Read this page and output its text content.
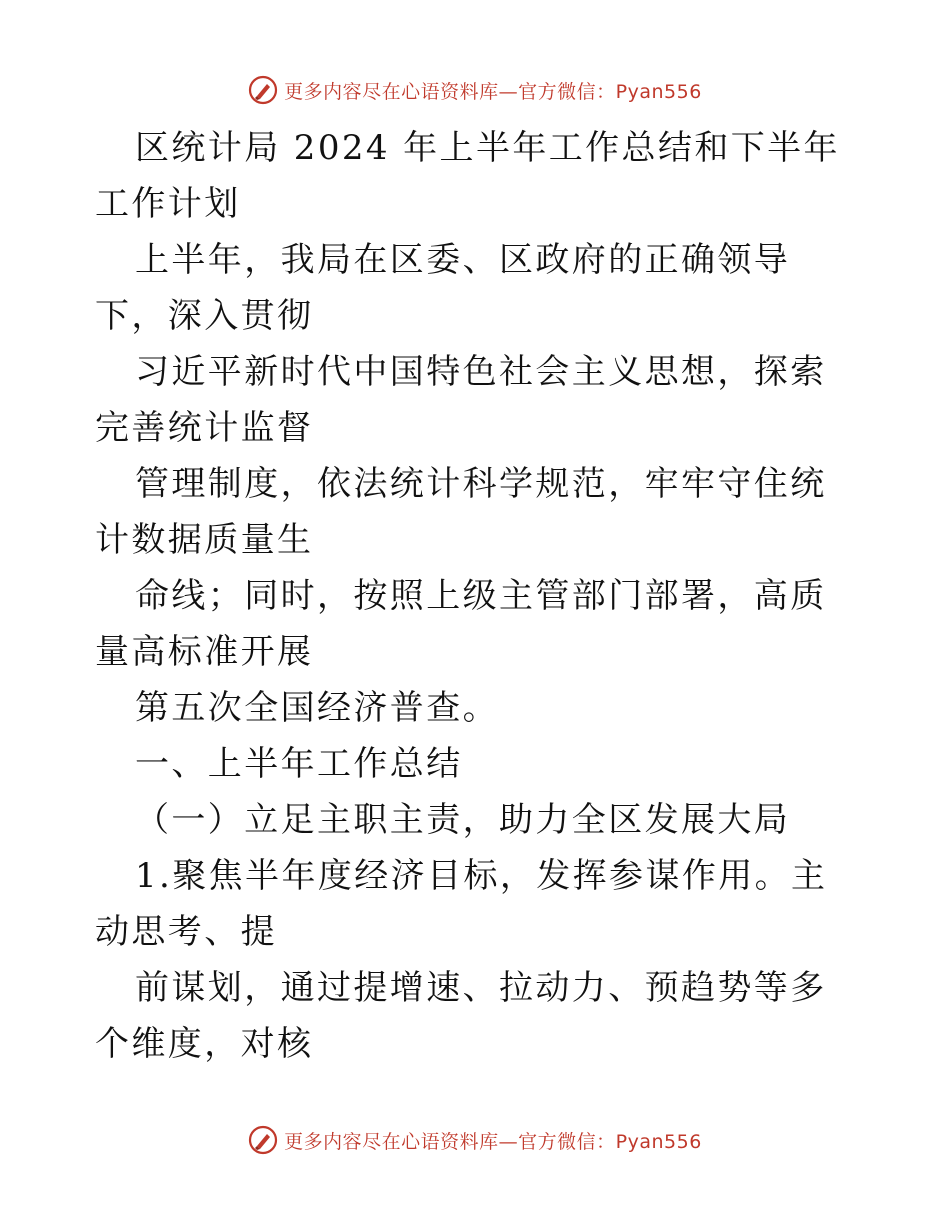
更多内容尽在心语资料库—官方微信：Pyan556

区统计局 2024 年上半年工作总结和下半年工作计划

上半年，我局在区委、区政府的正确领导下，深入贯彻

习近平新时代中国特色社会主义思想，探索完善统计监督

管理制度，依法统计科学规范，牢牢守住统计数据质量生

命线；同时，按照上级主管部门部署，高质量高标准开展

第五次全国经济普查。

一、上半年工作总结

（一）立足主职主责，助力全区发展大局

1.聚焦半年度经济目标，发挥参谋作用。主动思考、提

前谋划，通过提增速、拉动力、预趋势等多个维度，对核

更多内容尽在心语资料库—官方微信：Pyan556
